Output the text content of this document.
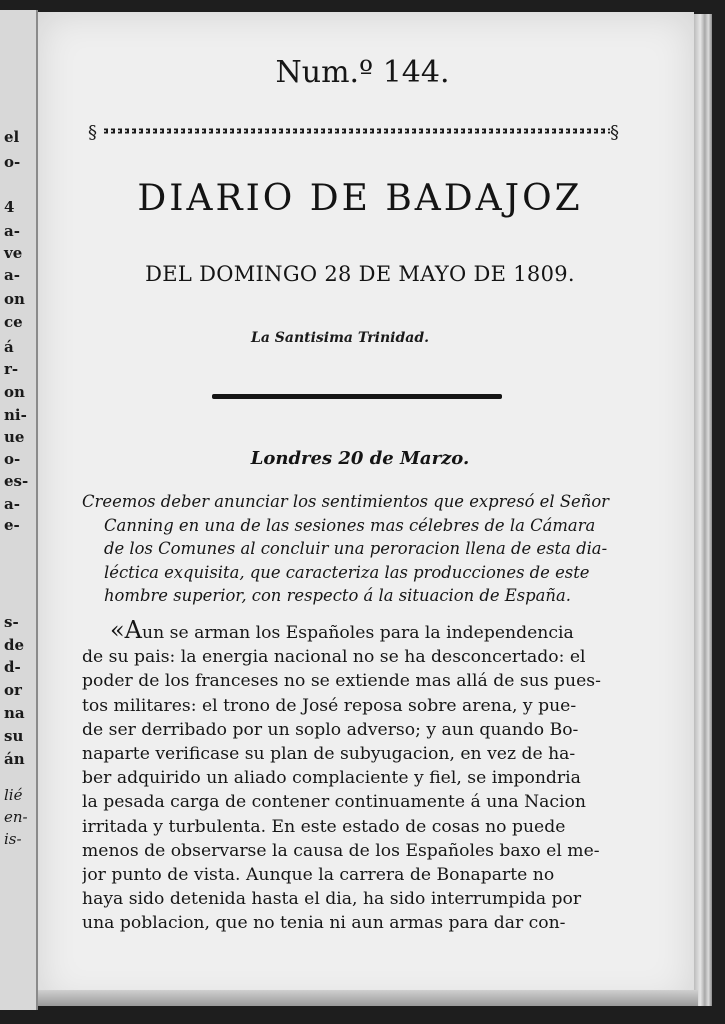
el
o-
4
a-
ve
a-
on
ce
á
r-
on
ni-
ue
o-
es-
a-
e-
s-
de
d-
or
na
su
án
lié
en-
is-
Num.º 144.
§	§
DIARIO DE BADAJOZ
DEL DOMINGO 28 DE MAYO DE 1809.
La Santisima Trinidad.
Londres 20 de Marzo.
Creemos deber anunciar los sentimientos que expresó el Señor
Canning en una de las sesiones mas célebres de la Cámara
de los Comunes al concluir una peroracion llena de esta dia-
léctica exquisita, que caracteriza las producciones de este
hombre superior, con respecto á la situacion de España.
«Aun se arman los Españoles para la independencia
de su pais: la energia nacional no se ha desconcertado: el
poder de los franceses no se extiende mas allá de sus pues-
tos militares: el trono de José reposa sobre arena, y pue-
de ser derribado por un soplo adverso; y aun quando Bo-
naparte verificase su plan de subyugacion, en vez de ha-
ber adquirido un aliado complaciente y fiel, se impondria
la pesada carga de contener continuamente á una Nacion
irritada y turbulenta. En este estado de cosas no puede
menos de observarse la causa de los Españoles baxo el me-
jor punto de vista. Aunque la carrera de Bonaparte no
haya sido detenida hasta el dia, ha sido interrumpida por
una poblacion, que no tenia ni aun armas para dar con-
